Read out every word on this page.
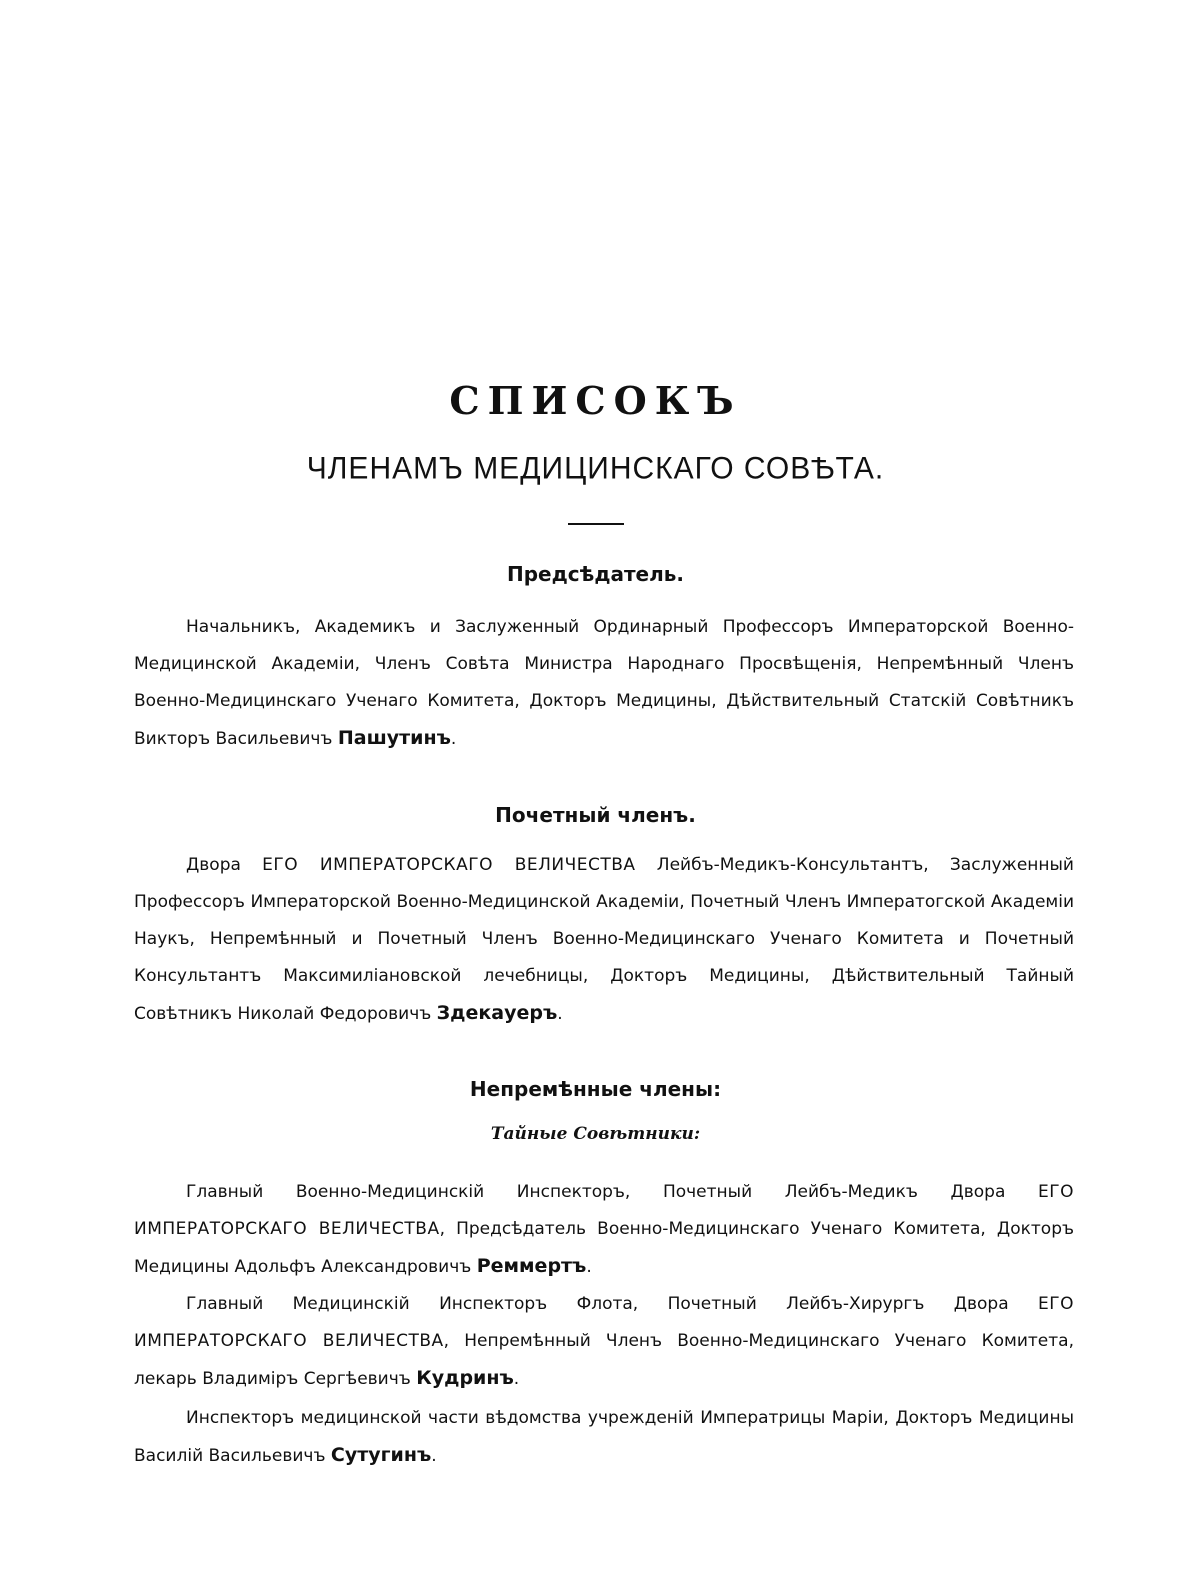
СПИСОКЪ
ЧЛЕНАМЪ МЕДИЦИНСКАГО СОВѢТА.
Предсѣдатель.
Начальникъ, Академикъ и Заслуженный Ординарный Профессоръ Императорской Военно-Медицинской Академіи, Членъ Совѣта Министра Народнаго Просвѣщенія, Непремѣнный Членъ Военно-Медицинскаго Ученаго Комитета, Докторъ Медицины, Дѣйствительный Статскій Совѣтникъ Викторъ Васильевичъ Пашутинъ.
Почетный членъ.
Двора ЕГО ИМПЕРАТОРСКАГО ВЕЛИЧЕСТВА Лейбъ-Медикъ-Консультантъ, Заслуженный Профессоръ Императорской Военно-Медицинской Академіи, Почетный Членъ Императогской Академіи Наукъ, Непремѣнный и Почетный Членъ Военно-Медицинскаго Ученаго Комитета и Почетный Консультантъ Максимиліановской лечебницы, Докторъ Медицины, Дѣйствительный Тайный Совѣтникъ Николай Федоровичъ Здекауеръ.
Непремѣнные члены:
Тайные Совѣтники:
Главный Военно-Медицинскій Инспекторъ, Почетный Лейбъ-Медикъ Двора ЕГО ИМПЕРАТОРСКАГО ВЕЛИЧЕСТВА, Предсѣдатель Военно-Медицинскаго Ученаго Комитета, Докторъ Медицины Адольфъ Александровичъ Реммертъ.
Главный Медицинскій Инспекторъ Флота, Почетный Лейбъ-Хирургъ Двора ЕГО ИМПЕРАТОРСКАГО ВЕЛИЧЕСТВА, Непремѣнный Членъ Военно-Медицинскаго Ученаго Комитета, лекарь Владиміръ Сергѣевичъ Кудринъ.
Инспекторъ медицинской части вѣдомства учрежденій Императрицы Маріи, Докторъ Медицины Василій Васильевичъ Сутугинъ.
